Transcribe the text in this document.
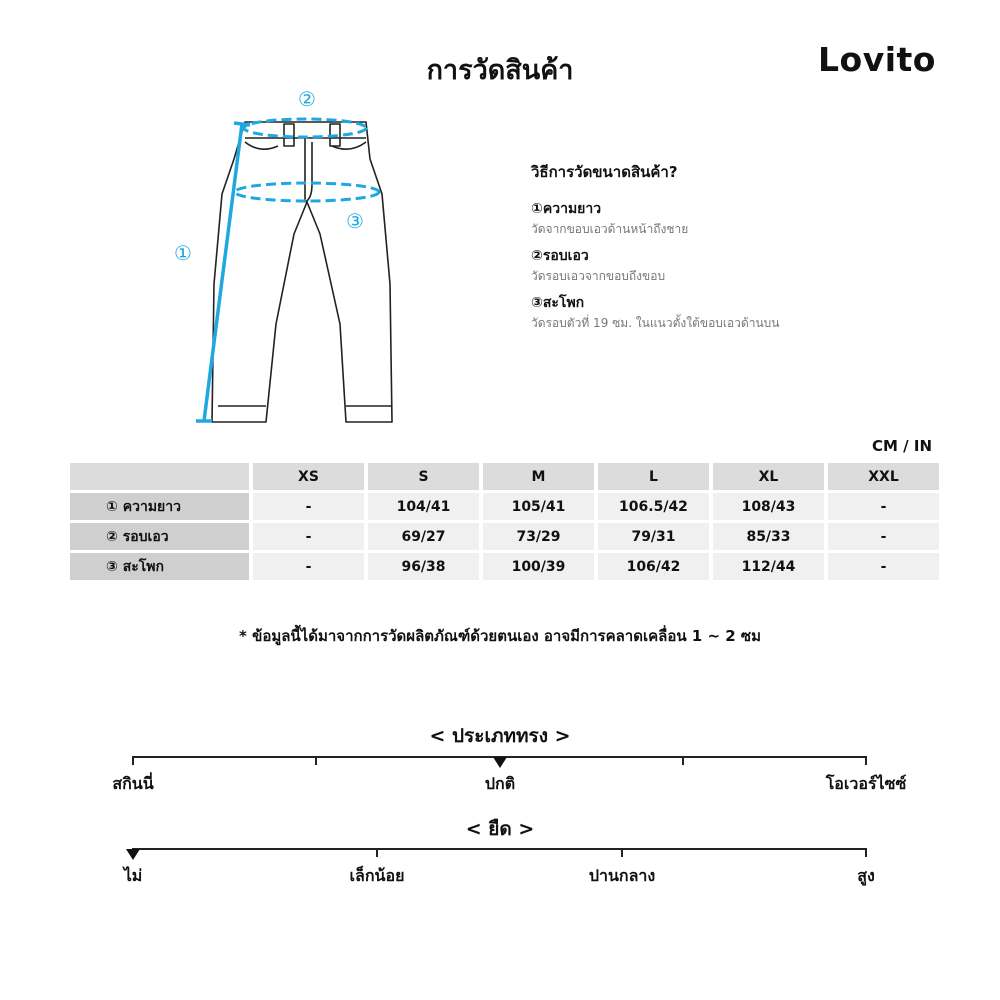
การวัดสินค้า	Lovito
①
②
③
วิธีการวัดขนาดสินค้า?
①ความยาว
วัดจากขอบเอวด้านหน้าถึงชาย
②รอบเอว
วัดรอบเอวจากขอบถึงขอบ
③สะโพก
วัดรอบตัวที่ 19 ซม. ในแนวตั้งใต้ขอบเอวด้านบน
CM / IN
	XS	S	M	L	XL	XXL
① ความยาว	-	104/41	105/41	106.5/42	108/43	-
② รอบเอว	-	69/27	73/29	79/31	85/33	-
③ สะโพก	-	96/38	100/39	106/42	112/44	-
* ข้อมูลนี้ได้มาจากการวัดผลิตภัณฑ์ด้วยตนเอง อาจมีการคลาดเคลื่อน 1 ~ 2 ซม
< ประเภททรง >
สกินนี่	ปกติ	โอเวอร์ไซซ์
< ยืด >
ไม่	เล็กน้อย	ปานกลาง	สูง
